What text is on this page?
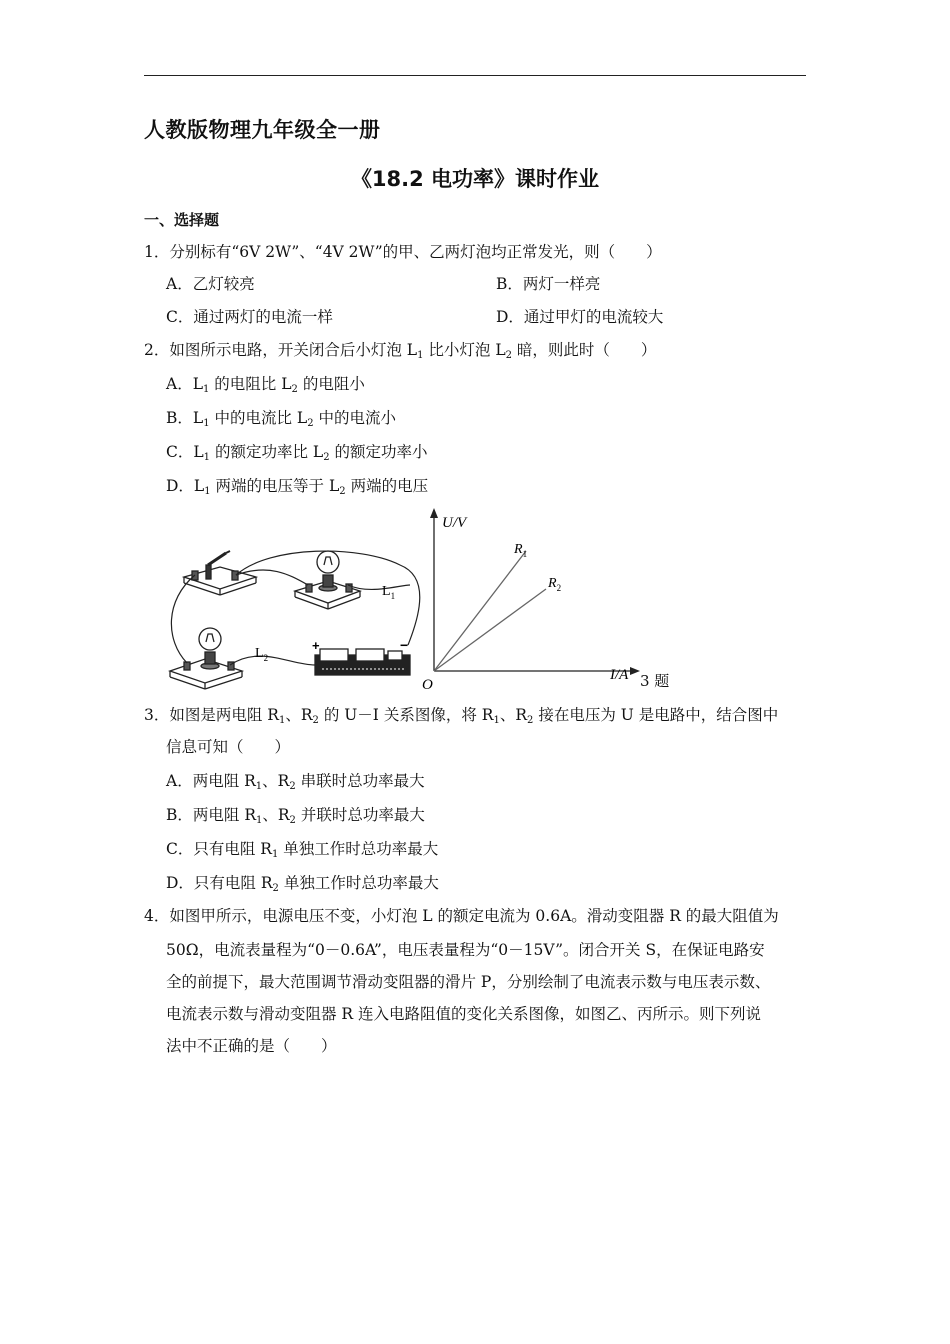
人教版物理九年级全一册
《18.2 电功率》课时作业
一、选择题
1．分别标有“6V 2W”、“4V 2W”的甲、乙两灯泡均正常发光，则（　　）
A．乙灯较亮	B．两灯一样亮
C．通过两灯的电流一样	D．通过甲灯的电流较大
2．如图所示电路，开关闭合后小灯泡 $L_1$ 比小灯泡 $L_2$ 暗，则此时（　　）
A．$L_1$ 的电阻比 $L_2$ 的电阻小
B．$L_1$ 中的电流比 $L_2$ 中的电流小
C．$L_1$ 的额定功率比 $L_2$ 的额定功率小
D．$L_1$ 两端的电压等于 $L_2$ 两端的电压
$L_1$
$L_2$
+	−
U/V
I/A
O
$R_1$
$R_2$
3 题
3．如图是两电阻 $R_1$、$R_2$ 的 U－I 关系图像，将 $R_1$、$R_2$ 接在电压为 U 是电路中，结合图中
信息可知（　　）
A．两电阻 $R_1$、$R_2$ 串联时总功率最大
B．两电阻 $R_1$、$R_2$ 并联时总功率最大
C．只有电阻 $R_1$ 单独工作时总功率最大
D．只有电阻 $R_2$ 单独工作时总功率最大
4．如图甲所示，电源电压不变，小灯泡 L 的额定电流为 0.6A。滑动变阻器 R 的最大阻值为
50Ω，电流表量程为“0－0.6A”，电压表量程为“0－15V”。闭合开关 S，在保证电路安
全的前提下，最大范围调节滑动变阻器的滑片 P，分别绘制了电流表示数与电压表示数、
电流表示数与滑动变阻器 R 连入电路阻值的变化关系图像，如图乙、丙所示。则下列说
法中不正确的是（　　）
